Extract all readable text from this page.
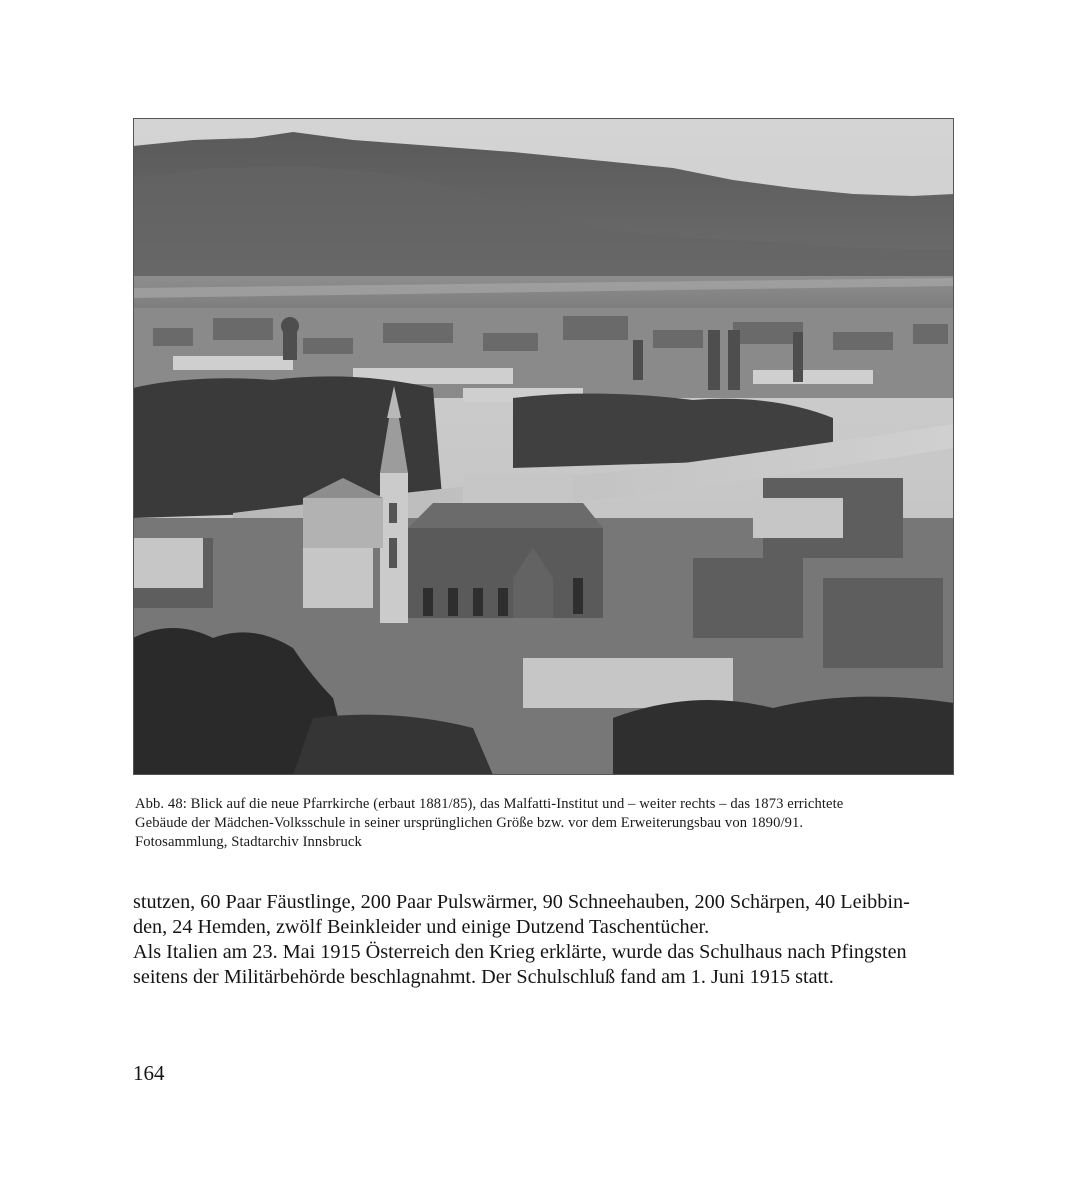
Abb. 48: Blick auf die neue Pfarrkirche (erbaut 1881/85), das Malfatti-Institut und – weiter rechts – das 1873 errichtete
Gebäude der Mädchen-Volksschule in seiner ursprünglichen Größe bzw. vor dem Erweiterungsbau von 1890/91.
Fotosammlung, Stadtarchiv Innsbruck
stutzen, 60 Paar Fäustlinge, 200 Paar Pulswärmer, 90 Schneehauben, 200 Schärpen, 40 Leibbin-
den, 24 Hemden, zwölf Beinkleider und einige Dutzend Taschentücher.
Als Italien am 23. Mai 1915 Österreich den Krieg erklärte, wurde das Schulhaus nach Pfingsten
seitens der Militärbehörde beschlagnahmt. Der Schulschluß fand am 1. Juni 1915 statt.
164
